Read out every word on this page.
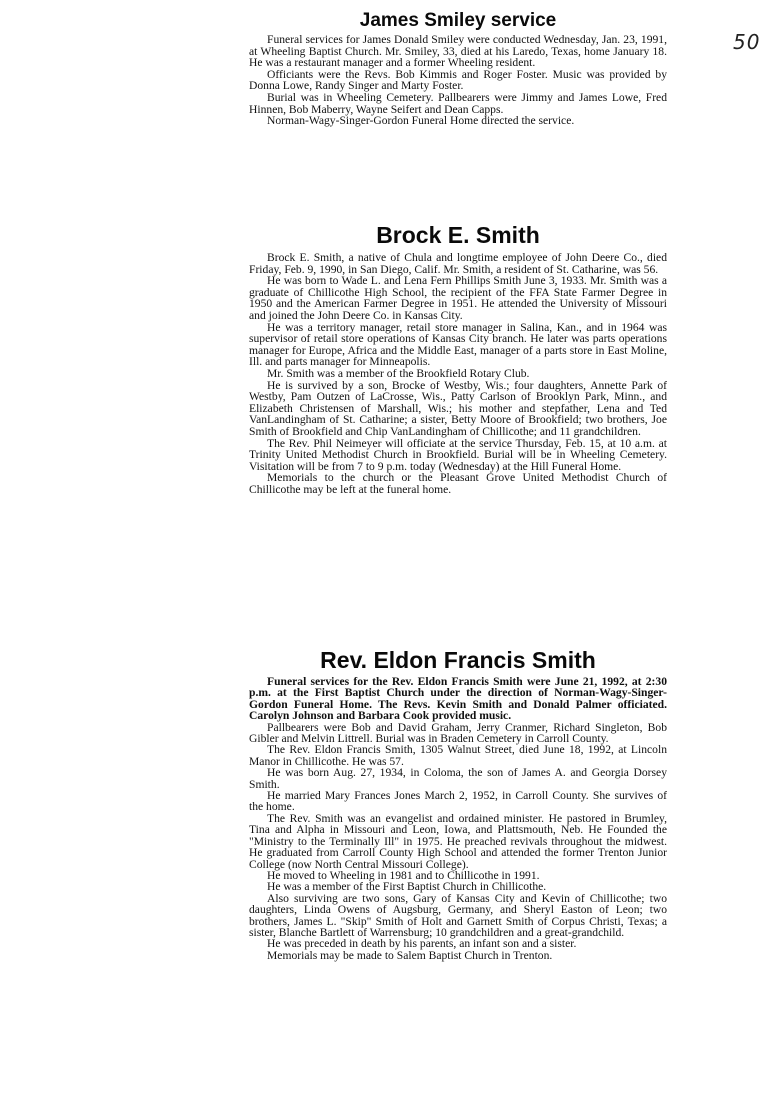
50
James Smiley service

Funeral services for James Donald Smiley were conducted Wednesday, Jan. 23, 1991, at Wheeling Baptist Church. Mr. Smiley, 33, died at his Laredo, Texas, home January 18. He was a restaurant manager and a former Wheeling resident.

Officiants were the Revs. Bob Kimmis and Roger Foster. Music was provided by Donna Lowe, Randy Singer and Marty Foster.

Burial was in Wheeling Cemetery. Pallbearers were Jimmy and James Lowe, Fred Hinnen, Bob Maberry, Wayne Seifert and Dean Capps.

Norman-Wagy-Singer-Gordon Funeral Home directed the service.

Brock E. Smith

Brock E. Smith, a native of Chula and longtime employee of John Deere Co., died Friday, Feb. 9, 1990, in San Diego, Calif. Mr. Smith, a resident of St. Catharine, was 56.

He was born to Wade L. and Lena Fern Phillips Smith June 3, 1933. Mr. Smith was a graduate of Chillicothe High School, the recipient of the FFA State Farmer Degree in 1950 and the American Farmer Degree in 1951. He attended the University of Missouri and joined the John Deere Co. in Kansas City.

He was a territory manager, retail store manager in Salina, Kan., and in 1964 was supervisor of retail store operations of Kansas City branch. He later was parts operations manager for Europe, Africa and the Middle East, manager of a parts store in East Moline, Ill. and parts manager for Minneapolis.

Mr. Smith was a member of the Brookfield Rotary Club.

He is survived by a son, Brocke of Westby, Wis.; four daughters, Annette Park of Westby, Pam Outzen of LaCrosse, Wis., Patty Carlson of Brooklyn Park, Minn., and Elizabeth Christensen of Marshall, Wis.; his mother and stepfather, Lena and Ted VanLandingham of St. Catharine; a sister, Betty Moore of Brookfield; two brothers, Joe Smith of Brookfield and Chip VanLandingham of Chillicothe; and 11 grandchildren.

The Rev. Phil Neimeyer will officiate at the service Thursday, Feb. 15, at 10 a.m. at Trinity United Methodist Church in Brookfield. Burial will be in Wheeling Cemetery. Visitation will be from 7 to 9 p.m. today (Wednesday) at the Hill Funeral Home.

Memorials to the church or the Pleasant Grove United Methodist Church of Chillicothe may be left at the funeral home.

Rev. Eldon Francis Smith

Funeral services for the Rev. Eldon Francis Smith were June 21, 1992, at 2:30 p.m. at the First Baptist Church under the direction of Norman-Wagy-Singer-Gordon Funeral Home. The Revs. Kevin Smith and Donald Palmer officiated. Carolyn Johnson and Barbara Cook provided music.

Pallbearers were Bob and David Graham, Jerry Cranmer, Richard Singleton, Bob Gibler and Melvin Littrell. Burial was in Braden Cemetery in Carroll County.

The Rev. Eldon Francis Smith, 1305 Walnut Street, died June 18, 1992, at Lincoln Manor in Chillicothe. He was 57.

He was born Aug. 27, 1934, in Coloma, the son of James A. and Georgia Dorsey Smith.

He married Mary Frances Jones March 2, 1952, in Carroll County. She survives of the home.

The Rev. Smith was an evangelist and ordained minister. He pastored in Brumley, Tina and Alpha in Missouri and Leon, Iowa, and Plattsmouth, Neb. He Founded the "Ministry to the Terminally Ill" in 1975. He preached revivals throughout the midwest. He graduated from Carroll County High School and attended the former Trenton Junior College (now North Central Missouri College).

He moved to Wheeling in 1981 and to Chillicothe in 1991.

He was a member of the First Baptist Church in Chillicothe.

Also surviving are two sons, Gary of Kansas City and Kevin of Chillicothe; two daughters, Linda Owens of Augsburg, Germany, and Sheryl Easton of Leon; two brothers, James L. "Skip" Smith of Holt and Garnett Smith of Corpus Christi, Texas; a sister, Blanche Bartlett of Warrensburg; 10 grandchildren and a great-grandchild.

He was preceded in death by his parents, an infant son and a sister.

Memorials may be made to Salem Baptist Church in Trenton.
